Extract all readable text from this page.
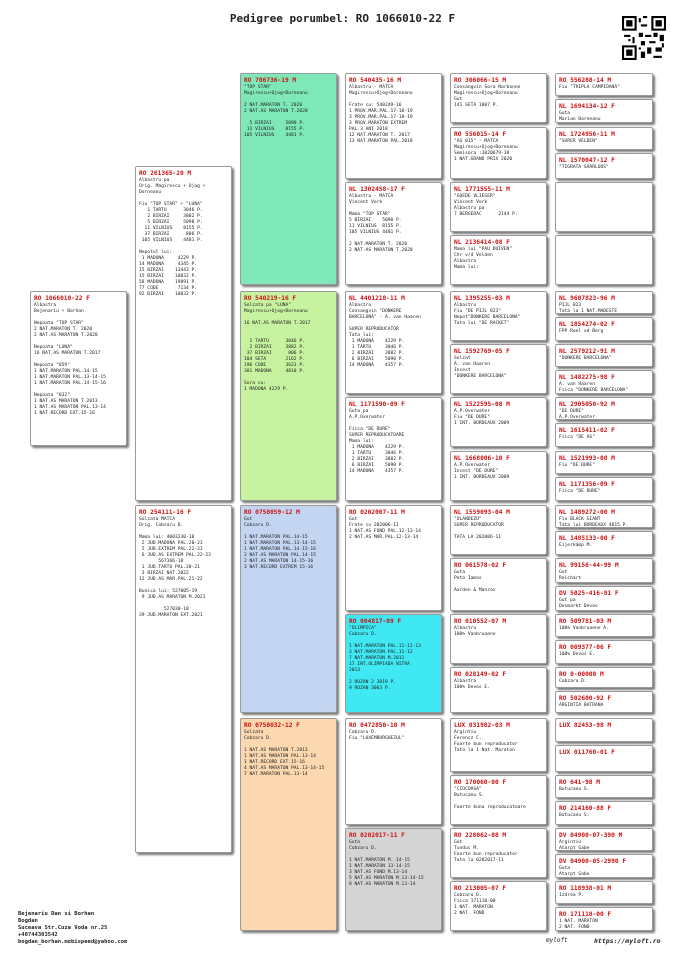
Pedigree porumbel: RO 1066010-22 F
RO 1066010-22 F
Albastra
Bejenariu + Borhan

Nepoata "TOP STAR"
2 NAT.MARATON T. 2020
2 NAT.AS MARATON T.2020

Nepoata "LUNA"
16 NAT.AS MARATON T.2017

Nepoata "059"
1 NAT.MARATON PAL.14-15
1 NAT.MARATON PAL.13-14-15
1 NAT.MARATON PAL.14-15-16

Nepoata "032"
1 NAT.AS MARATON T.2013
1 NAT.AS MARATON PAL.13-14
1 NAT.RECORD EXT.15-16
RO 261365-20 M
Albastru pa
Orig. Magirescu + Ojog +
Dorneanu

Fiu "TOP STAR" + "LUNA"
1 TARTU      3046 P.
2 BIRZAI     3882 P.
5 BIRZAI     5090 P.
11 VILNIUS    8155 P.
37 BIRZAI      806 P.
105 VILNIUS    4481 P.

Nepotul lui:
1 MADONA     4229 P.
14 MADONA     4345 P.
15 BIRZAI    13443 P.
15 BIRZAI    10832 P.
58 MADONA    19891 P.
77 CODE       7134 P.
92 BIRZAI    10832 P.
RO 254111-16 F
Solzata MATCA
Orig. Cobzaru D.

Mama lui: 4003230-18
2 JUD.MADONA PAL.20-23
5 JUD.EXTREM PAL.22-23
6 JUD.AS EXTREM PAL.22-23
567366-18
1 JUD.TARTU PAL.20-21
3 BIRZAI NAT.2022
12 JUD.AS MAR.PAL.21-22

Bunica lui: 527005-19
9 JUD.AS MARATON M.2021

527030-18
39 JUD.MARATON EXT.2021
RO 706736-19 M
"TOP STAR"
Magirescu+Ojog+Dorneanu

2 NAT.MARATON T. 2020
2 NAT.AS MARATON T.2020

5 BIRZAI     5090 P.
11 VILNIUS    8155 P.
105 VILNIUS    4481 P.
RO 540219-16 F
Solzata pa "LUNA"
Magirescu+Ojog+Dorneanu

16 NAT.AS MARATON T.2017

1 TARTU      3046 P.
2 BIRZAI     3882 P.
37 BIRZAI      806 P.
104 SETA       2162 P.
196 CODE       3623 P.
381 MADONA     4810 P.

Sora cu:
1 MADONA 4229 P.
RO 0750059-12 M
Gut
Cobzaru D.

1 NAT.MARATON PAL.14-15
1 NAT.MARATON PAL.13-14-15
1 NAT.MARATON PAL.14-15-16
2 NAT.AS MARATON PAL.14-15
2 NAT.AS MARATON 14-15-16
3 NAT.RECORD EXTREM 15-16
RO 0750032-12 F
Solzata
Cobzaru D.

1 NAT.AS MARATON T.2013
1 NAT.AS MARATON PAL.13-14
1 NAT.RECORD EXT.15-16
4 NAT.AS MARATON PAL.13-14-15
7 NAT.MARATON PAL.13-14
RO 540435-16 M
Albastru - MATCA
Magirescu+Ojog+Dorneanu

Frate cu: 540249-16
1 PROV.MAR.PAL.17-18-19
3 PROV.MAR.PAL.17-18-19
3 PROV.MARATON EXTREM
PAL.3 ANI 2018
12 NAT.MARATON T. 2017
13 NAT.MARATON PAL.2018
NL 1302458-17 F
Albastra - MATCA
Vincent Vork

Mama "TOP STAR"
5 BIRZAI    5090 P.
11 VILNIUS  8155 P.
105 VILNIUS 4481 P.

2 NAT.MARATON T. 2020
2 NAT.AS MARATON T.2020
NL 4401218-11 M
Albastru
Consangvin "DONKERE
BARCELONA" - A. van Haaren

SUPER REPRODUCATOR
Tata lui:
1 MADONA    4229 P.
1 TARTU     3046 P.
2 BIRZAI    3882 P.
6 BIRZAI    5090 P.
14 MADONA    4357 P.
NL 1171590-09 F
Guta pa
A.P.Overwater

Fiica "DE DURE"
SUPER REPRODUCATOARE
Mama lui:
1 MADONA    4229 P.
1 TARTU     3046 P.
2 BIRZAI    3882 P.
6 BIRZAI    5090 P.
14 MADONA    4357 P.
RO 0202007-11 M
Gut
Frate cu 202006-11
1 NAT.AS FOND PAL.12-13-14
2 NAT.AS MAR.PAL.12-13-14
RO 004817-09 F
"OLIMPICA"
Cobzaru D.

1 NAT.MARATON PAL.11-12-13
3 NAT.MARATON PAL.11-12
7 NAT.MARATON M.2011
17 INT.OLIMPIADA NITRA
2013

2 ROZAN 2 3019 P.
9 ROZAN 3063 P.
RO 0472850-10 M
Cobzaru D.
Fiu "LUXEMBURGHEZUL"
RO 0202017-11 F
Guta
Cobzaru D.

1 NAT.MARATON M. 14-15
1 NAT.MARATON 13-14-15
3 NAT.AS FOND M.13-14
5 NAT.AS MARATON M.13-14-15
8 NAT.AS MARATON M.13-14
RO 306066-15 M
Consangvin Sora Narbonne
Magirescu+Ojog+Dorneanu
Gut
141 SETA 1807 P.
RO 556015-14 F
"AS 015" - MATCA
Magirescu+Ojog+Dorneanu
Semisora :1020679-18
1 NAT.GRAND PRIX 2020
NL 1771555-11 M
"GOEDE VLIEGER"
Vincent Vork
Albastru pa
7 BERGERAC      2144 P.
NL 2136414-08 F
Mama lui "PAU DUIVEN"
Chr v/d Velden
Albastra
Mama lui:
NL 1395255-03 M
Albastru
Fiu "DE PIJL 823"
Nepot"DONKERE BARCELONA"
Tata lui "DE RACKET"
NL 1592769-05 F
Solzat
A. van Haaren
Incest
"DONKERE BARCELONA"
NL 1522595-08 M
A.P.Overwater
Fiu "DE DURE"
1 INT. BORDEAUX 2009
NL 1668006-10 F
A.P.Overwater
Incest "DE DURE"
1 INT. BORDEAUX 2009
NL 1559093-04 M
"OLANDEZU"
SUPER REPRODUCATOR

TATA LA 202006-11
RO 061578-02 F
Guta
Peto Iamos

Aarden & Manrov
RO 010552-07 M
Albastru
100% Vanbruaene
RO 028149-02 F
Albastra
100% Devos E.
LUX 031982-03 M
Argintiu
Ferencz C.
Foarte bun reproducator
Tata la 1 Nat. Maraton
RO 170060-00 F
"CIOCOASA"
Butucanu S.

Foarte buna reproducatoare
RO 228062-08 M
Gut
Tunduc M.
Foarte bun reproducator
Tata la 0202017-11
RO 213005-07 F
Cobzaru D.
Fiica 171118-00
1 NAT. MARATON
2 NAT. FOND
RO 556288-14 M
Fiu "TRIPLA CAMPIOANA"
NL 1694134-12 F
Guta
Marian Dorneanu
NL 1724956-11 M
"SUPER VELDEN"
NL 1570047-12 F
"TIGRATA SAARLOOS"
NL 9607823-96 M
PIJL 823
Tata la 1 NAT.MADESTE
NL 1854274-02 F
FPP Roel vd Berg
NL 2579212-91 M
"DONKERE BARCELONA"
NL 1482275-98 F
A. van Haaren
Fiica "DONKERE BARCELONA"
NL 2905050-92 M
"DE DURE"
A.P.Overwater
NL 1615411-02 F
Fiica "DE AS"
NL 1521993-08 M
Fiu "DE DURE"
NL 1171356-09 F
Fiica "DE DURE"
NL 1489272-00 M
Fiu BLACK GIANT
Tata lui BORDEAUX 4815 P.
NL 1485133-00 F
Eijerkamp M.
NL 99156-44-99 M
Gut
Reichart
DV 5025-416-81 F
Gut pa
Desmarkt Devos
RO 509781-03 M
100% Vanbruaene A.
RO 009377-06 F
100% Devos E.
RO 0-00000 M
Cobzaru D.
RO 502600-92 F
ARGINTIA BATRANA
LUX 82453-98 M
LUX 011760-01 F
RO 641-98 M
Butucanu S.
RO 214160-88 F
Butucanu S.
DV 04900-07-390 M
Argintiu
Atarpt Gabe
DV 04900-05-2990 F
Guta
Atarpt Gabe
RO 118938-01 M
Izdrea P.
RO 171118-00 F
1 NAT. MARATON
2 NAT. FOND
Bejenariu Dan si Borhan
Bogdan
Suceava Str.Cuza Voda nr.25
+40744303542
bogdan_borhan.mobispeed@yahoo.com	myloft	https://myloft.ro
